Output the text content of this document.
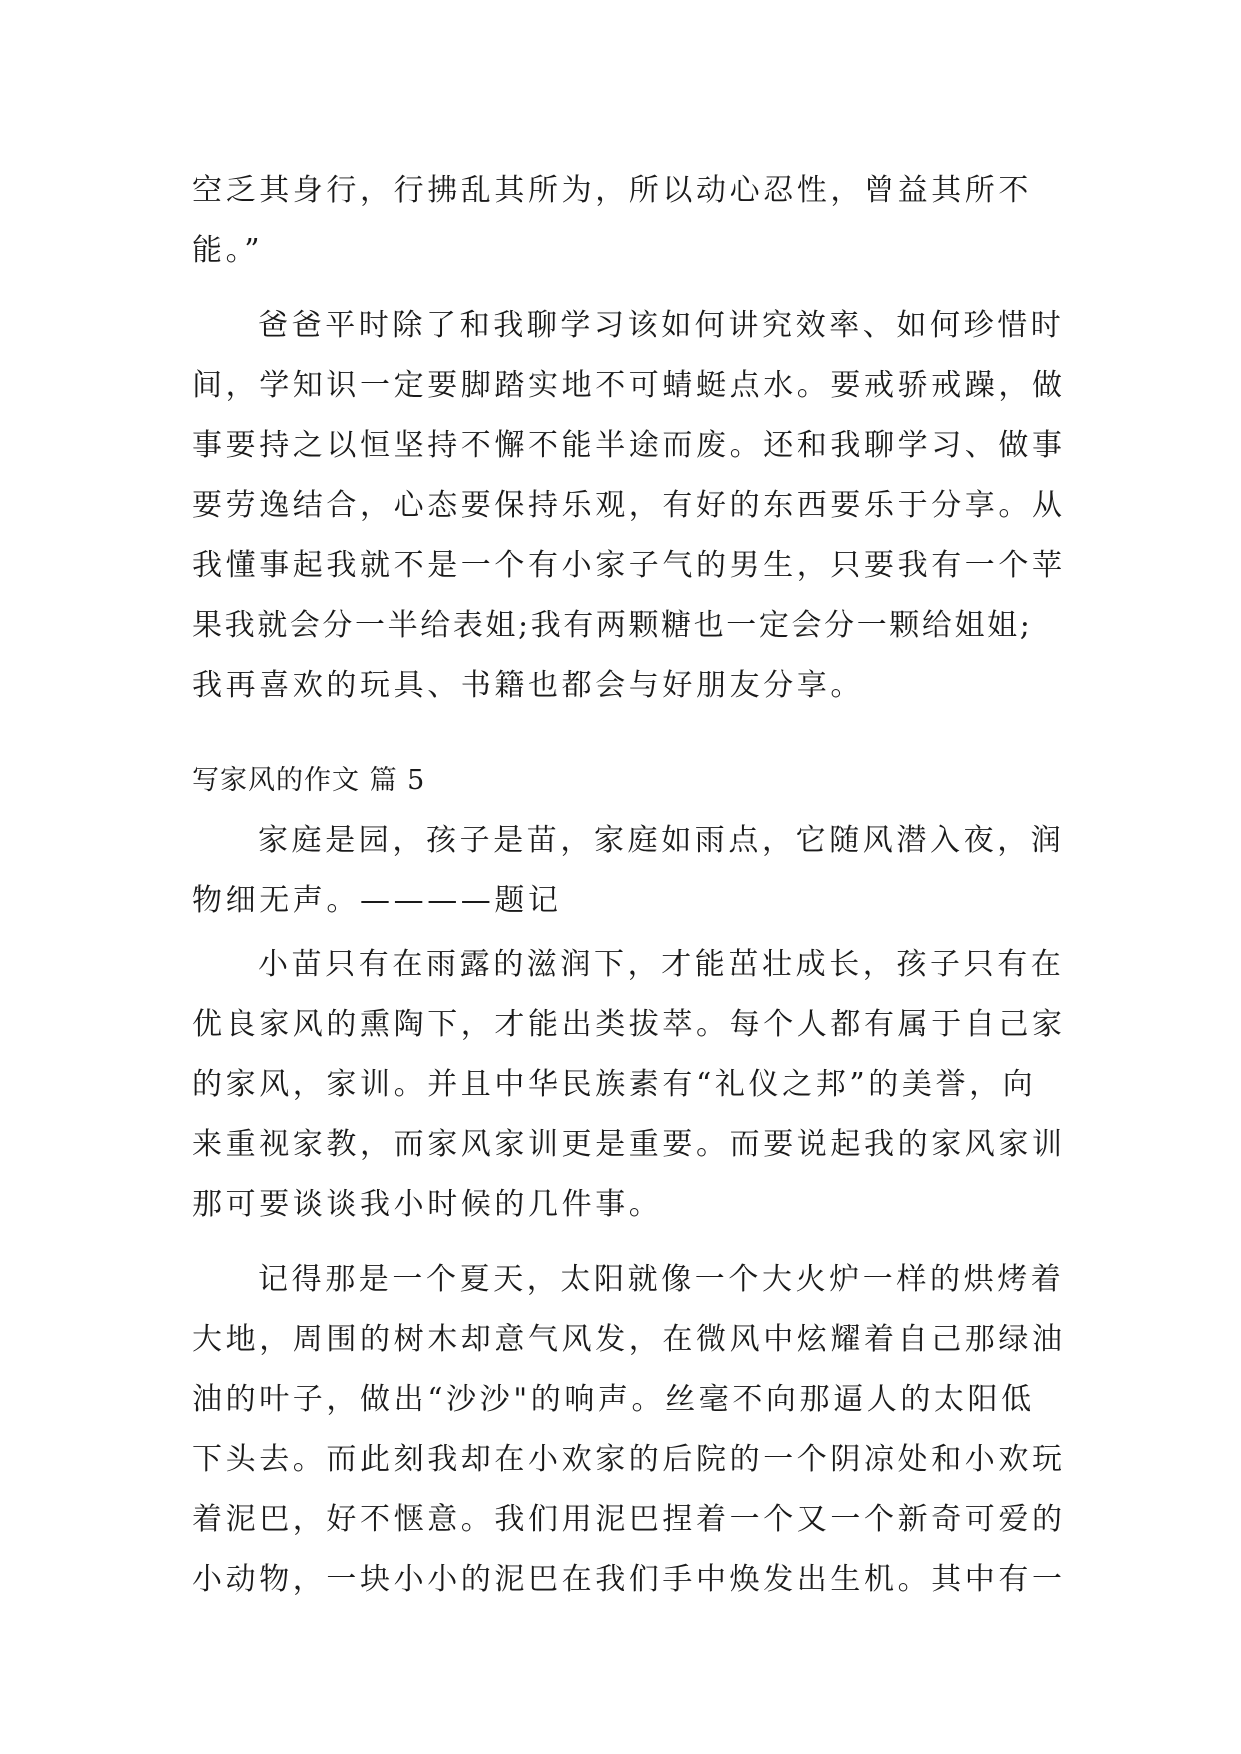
空乏其身行，行拂乱其所为，所以动心忍性，曾益其所不
能。”
爸爸平时除了和我聊学习该如何讲究效率、如何珍惜时
间，学知识一定要脚踏实地不可蜻蜓点水。要戒骄戒躁，做
事要持之以恒坚持不懈不能半途而废。还和我聊学习、做事
要劳逸结合，心态要保持乐观，有好的东西要乐于分享。从
我懂事起我就不是一个有小家子气的男生，只要我有一个苹
果我就会分一半给表姐;我有两颗糖也一定会分一颗给姐姐;
我再喜欢的玩具、书籍也都会与好朋友分享。
写家风的作文 篇 5
家庭是园，孩子是苗，家庭如雨点，它随风潜入夜，润
物细无声。————题记
小苗只有在雨露的滋润下，才能茁壮成长，孩子只有在
优良家风的熏陶下，才能出类拔萃。每个人都有属于自己家
的家风，家训。并且中华民族素有“礼仪之邦”的美誉，向
来重视家教，而家风家训更是重要。而要说起我的家风家训
那可要谈谈我小时候的几件事。
记得那是一个夏天，太阳就像一个大火炉一样的烘烤着
大地，周围的树木却意气风发，在微风中炫耀着自己那绿油
油的叶子，做出“沙沙"的响声。丝毫不向那逼人的太阳低
下头去。而此刻我却在小欢家的后院的一个阴凉处和小欢玩
着泥巴，好不惬意。我们用泥巴捏着一个又一个新奇可爱的
小动物，一块小小的泥巴在我们手中焕发出生机。其中有一
